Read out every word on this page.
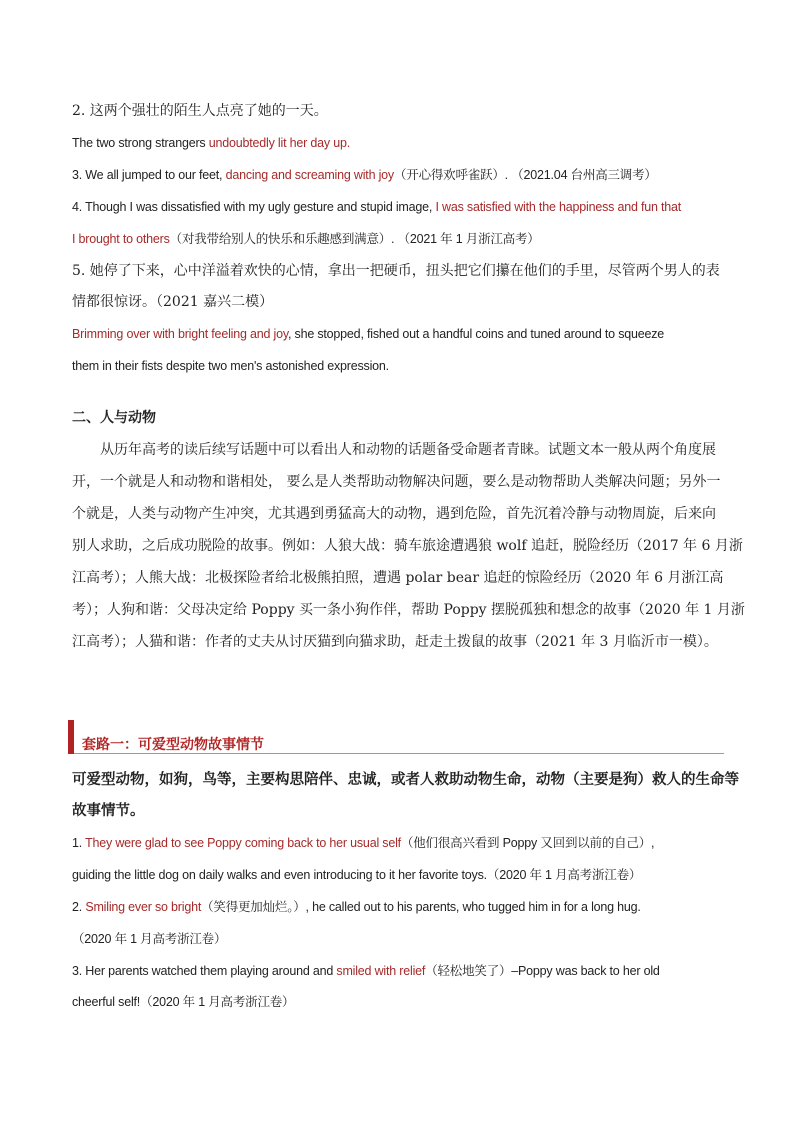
2. 这两个强壮的陌生人点亮了她的一天。
The two strong strangers undoubtedly lit her day up.
3. We all jumped to our feet, dancing and screaming with joy（开心得欢呼雀跃）. （2021.04 台州高三调考）
4. Though I was dissatisfied with my ugly gesture and stupid image, I was satisfied with the happiness and fun that
I brought to others（对我带给别人的快乐和乐趣感到满意）. （2021 年 1 月浙江高考）
5. 她停了下来，心中洋溢着欢快的心情，拿出一把硬币，扭头把它们攥在他们的手里，尽管两个男人的表
情都很惊讶。（2021 嘉兴二模）
Brimming over with bright feeling and joy, she stopped, fished out a handful coins and tuned around to squeeze
them in their fists despite two men's astonished expression.
二、人与动物
从历年高考的读后续写话题中可以看出人和动物的话题备受命题者青睐。试题文本一般从两个角度展
开，一个就是人和动物和谐相处， 要么是人类帮助动物解决问题，要么是动物帮助人类解决问题；另外一
个就是，人类与动物产生冲突，尤其遇到勇猛高大的动物，遇到危险，首先沉着冷静与动物周旋，后来向
别人求助，之后成功脱险的故事。例如：人狼大战：骑车旅途遭遇狼 wolf 追赶，脱险经历（2017 年 6 月浙
江高考）；人熊大战：北极探险者给北极熊拍照，遭遇 polar bear 追赶的惊险经历（2020 年 6 月浙江高
考）；人狗和谐：父母决定给 Poppy 买一条小狗作伴，帮助 Poppy 摆脱孤独和想念的故事（2020 年 1 月浙
江高考）；人猫和谐：作者的丈夫从讨厌猫到向猫求助，赶走土拨鼠的故事（2021 年 3 月临沂市一模）。
套路一：可爱型动物故事情节
可爱型动物，如狗，鸟等，主要构思陪伴、忠诚，或者人救助动物生命，动物（主要是狗）救人的生命等
故事情节。
1. They were glad to see Poppy coming back to her usual self（他们很高兴看到 Poppy 又回到以前的自己）,
guiding the little dog on daily walks and even introducing to it her favorite toys.（2020 年 1 月高考浙江卷）
2. Smiling ever so bright（笑得更加灿烂。）, he called out to his parents, who tugged him in for a long hug.
（2020 年 1 月高考浙江卷）
3. Her parents watched them playing around and smiled with relief（轻松地笑了）–Poppy was back to her old
cheerful self!（2020 年 1 月高考浙江卷）
